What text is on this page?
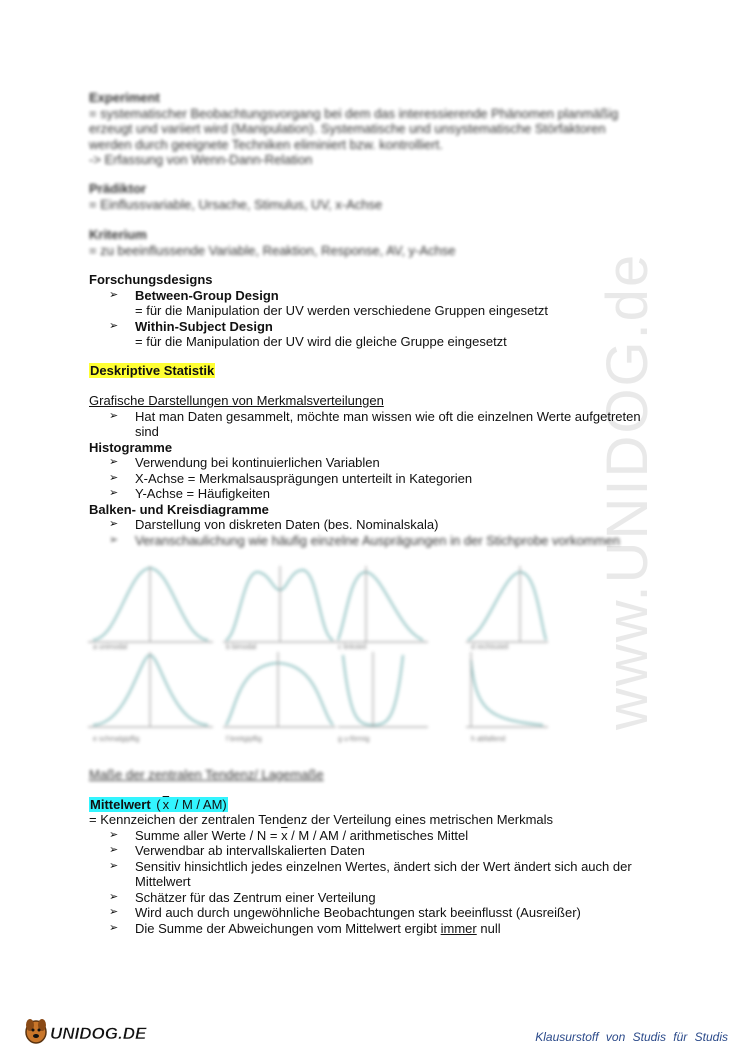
www.UNIDOG.de
Experiment
= systematischer Beobachtungsvorgang bei dem das interessierende Phänomen planmäßig
erzeugt und variiert wird (Manipulation). Systematische und unsystematische Störfaktoren
werden durch geeignete Techniken eliminiert bzw. kontrolliert.
-> Erfassung von Wenn-Dann-Relation
Prädiktor
= Einflussvariable, Ursache, Stimulus, UV, x-Achse
Kriterium
= zu beeinflussende Variable, Reaktion, Response, AV, y-Achse
Forschungsdesigns
➢ Between-Group Design
= für die Manipulation der UV werden verschiedene Gruppen eingesetzt
➢ Within-Subject Design
= für die Manipulation der UV wird die gleiche Gruppe eingesetzt
Deskriptive Statistik
Grafische Darstellungen von Merkmalsverteilungen
➢ Hat man Daten gesammelt, möchte man wissen wie oft die einzelnen Werte aufgetreten
sind
Histogramme
➢ Verwendung bei kontinuierlichen Variablen
➢ X-Achse = Merkmalsausprägungen unterteilt in Kategorien
➢ Y-Achse = Häufigkeiten
Balken- und Kreisdiagramme
➢ Darstellung von diskreten Daten (bes. Nominalskala)
➢ Veranschaulichung wie häufig einzelne Ausprägungen in der Stichprobe vorkommen
a unimodal	b bimodal	c linksteil	d rechtssteil
e schmalgipflig	f breitgipflig	g u-förmig	h abfallend
Maße der zentralen Tendenz/ Lagemaße
Mittelwert ( $\overline{x}$ / M / AM)
= Kennzeichen der zentralen Tendenz der Verteilung eines metrischen Merkmals
➢ Summe aller Werte / $N = \overline{x} / M$ / AM / arithmetisches Mittel
➢ Verwendbar ab intervallskalierten Daten
➢ Sensitiv hinsichtlich jedes einzelnen Wertes, ändert sich der Wert ändert sich auch der
Mittelwert
➢ Schätzer für das Zentrum einer Verteilung
➢ Wird auch durch ungewöhnliche Beobachtungen stark beeinflusst (Ausreißer)
➢ Die Summe der Abweichungen vom Mittelwert ergibt immer null
UNIDOG.DE	Klausurstoff von Studis für Studis
